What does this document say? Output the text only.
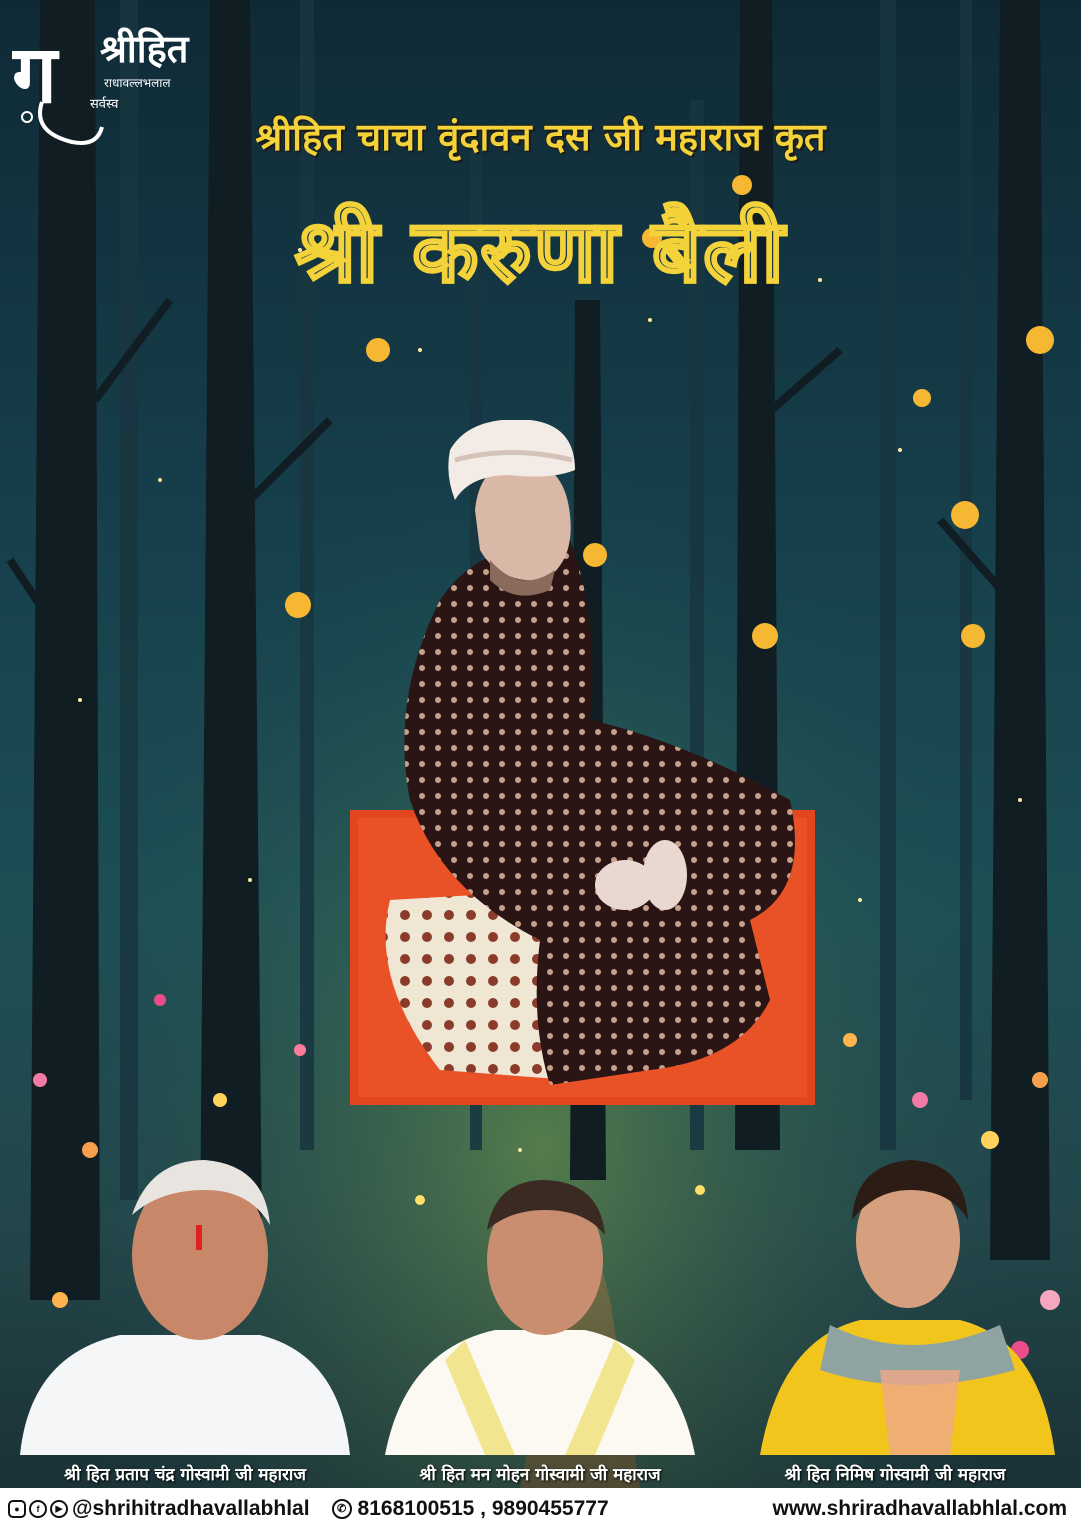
ग श्रीहित
राधावल्लभलाल
सर्वस्व
श्रीहित चाचा वृंदावन दस जी महाराज कृत
श्री करुणा बैली
श्री हित प्रताप चंद्र गोस्वामी जी महाराज	श्री हित मन मोहन गोस्वामी जी महाराज	श्री हित निमिष गोस्वामी जी महाराज
● f ▶ @shrihitradhavallabhlal	✆ 8168100515 , 9890455777	www.shriradhavallabhlal.com
